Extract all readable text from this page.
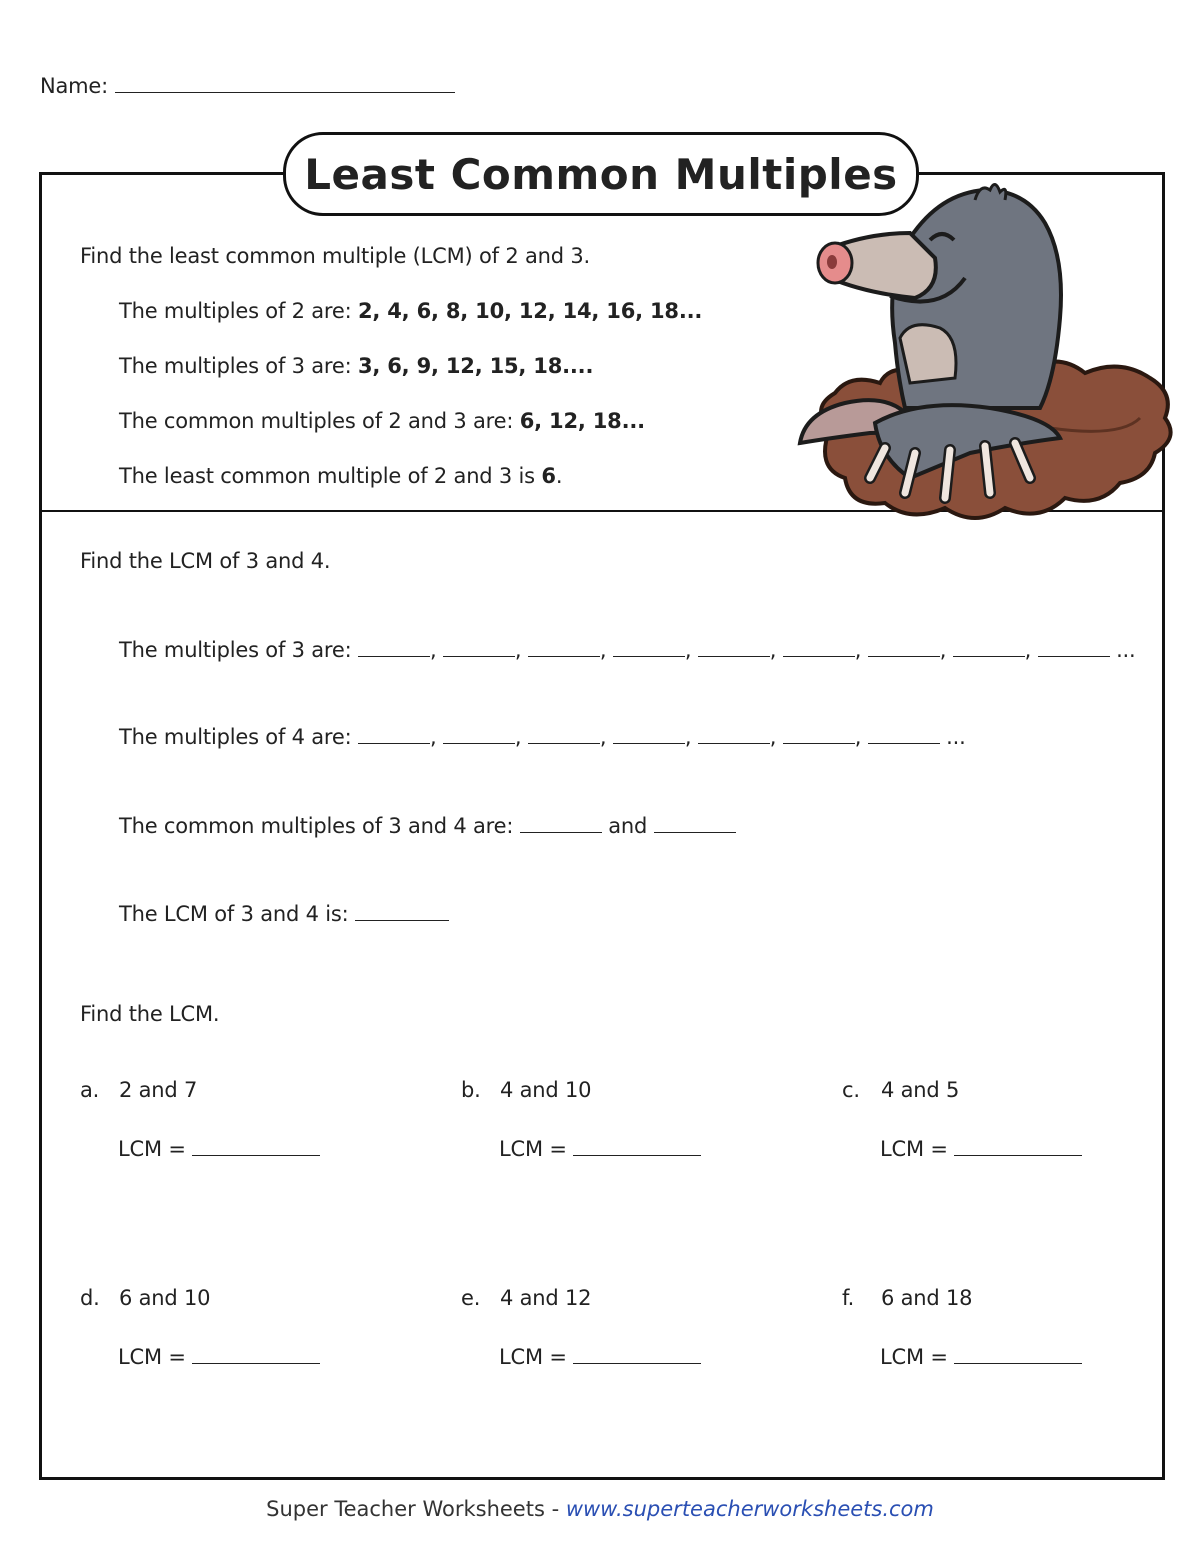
Name:
Least Common Multiples
Find the least common multiple (LCM) of 2 and 3.
The multiples of 2 are: 2, 4, 6, 8, 10, 12, 14, 16, 18...
The multiples of 3 are: 3, 6, 9, 12, 15, 18....
The common multiples of 2 and 3 are: 6, 12, 18...
The least common multiple of 2 and 3 is 6.
Find the LCM of 3 and 4.
The multiples of 3 are:	,	,	,	,	,	,	,	,	...
The multiples of 4 are:	,	,	,	,	,	,	...
The common multiples of 3 and 4 are:	and
The LCM of 3 and 4 is:
Find the LCM.
a. 2 and 7
LCM =
b. 4 and 10
LCM =
c. 4 and 5
LCM =
d. 6 and 10
LCM =
e. 4 and 12
LCM =
f. 6 and 18
LCM =
Super Teacher Worksheets - www.superteacherworksheets.com
